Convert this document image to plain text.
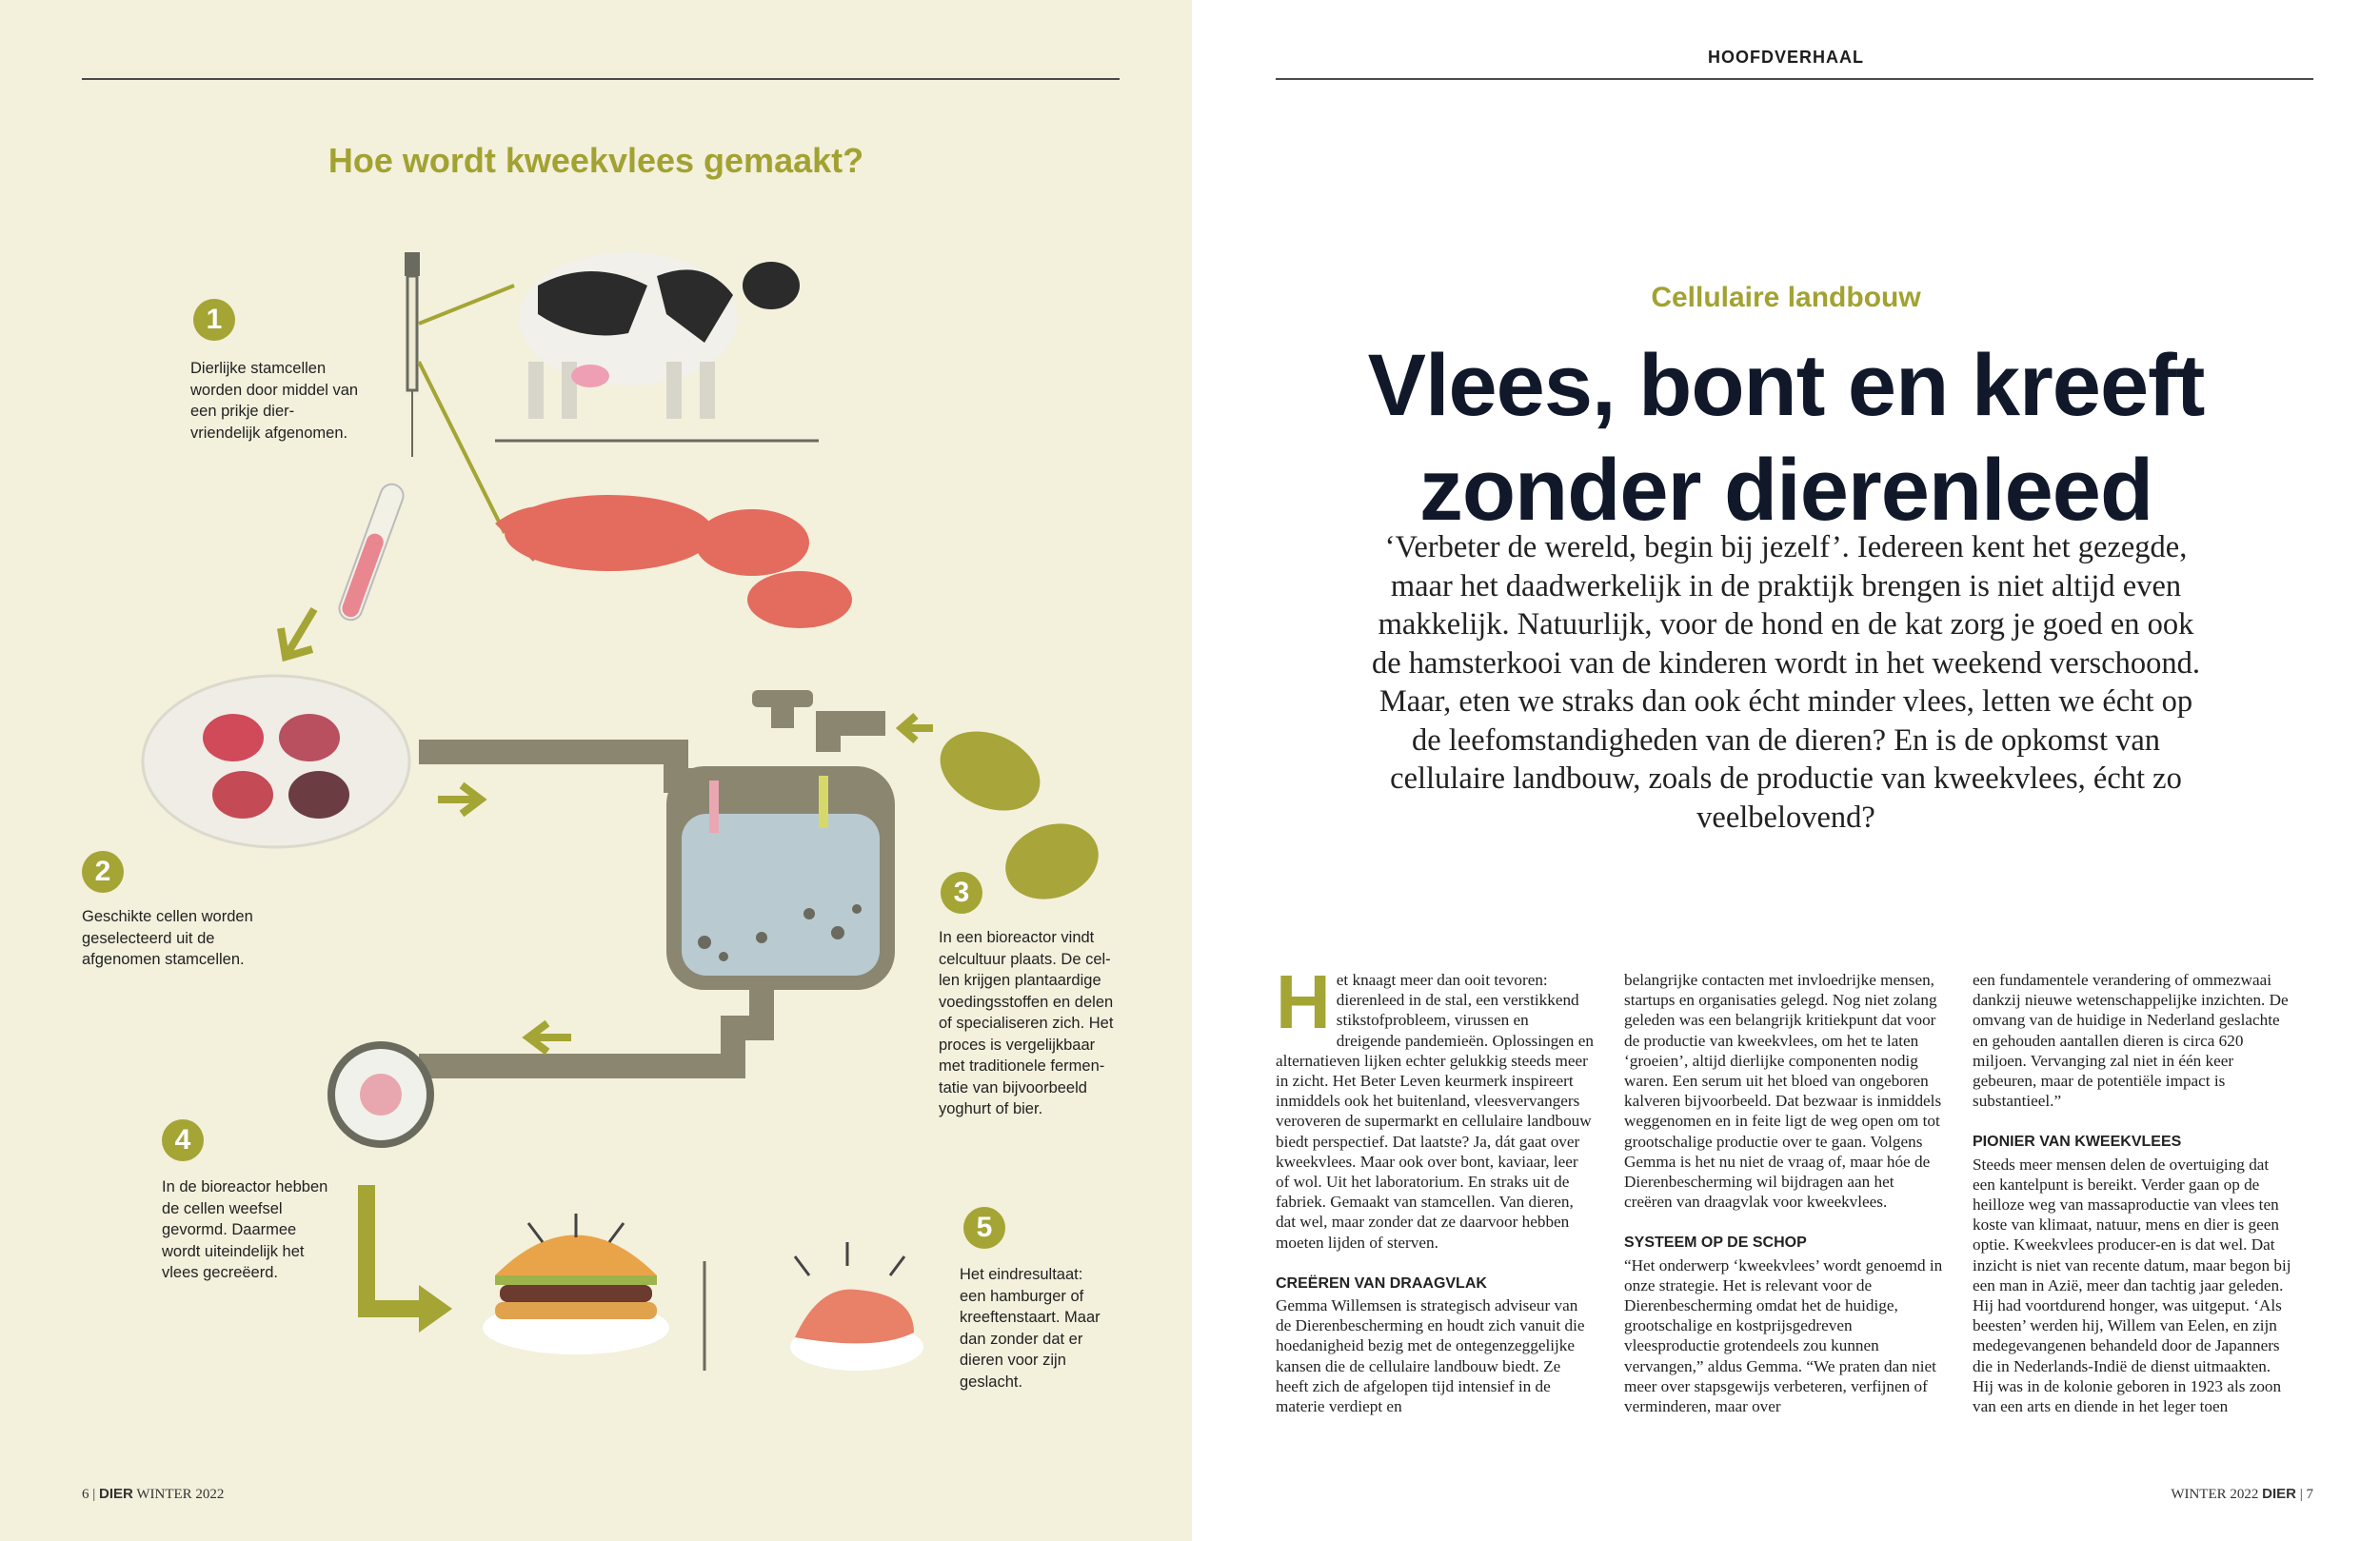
Hoe wordt kweekvlees gemaakt?
1
Dierlijke stamcellen worden door middel van een prikje dier-vriendelijk afgenomen.
2
Geschikte cellen worden geselecteerd uit de afgenomen stamcellen.
3
In een bioreactor vindt celcultuur plaats. De cel-len krijgen plantaardige voedingsstoffen en delen of specialiseren zich. Het proces is vergelijkbaar met traditionele fermen-tatie van bijvoorbeeld yoghurt of bier.
4
In de bioreactor hebben de cellen weefsel gevormd. Daarmee wordt uiteindelijk het vlees gecreëerd.
5
Het eindresultaat: een hamburger of kreeftenstaart. Maar dan zonder dat er dieren voor zijn geslacht.
6 | DIER WINTER 2022
HOOFDVERHAAL
Cellulaire landbouw
Vlees, bont en kreeft
zonder dierenleed
‘Verbeter de wereld, begin bij jezelf’. Iedereen kent het gezegde, maar het daadwerkelijk in de praktijk brengen is niet altijd even makkelijk. Natuurlijk, voor de hond en de kat zorg je goed en ook de hamsterkooi van de kinderen wordt in het weekend verschoond. Maar, eten we straks dan ook écht minder vlees, letten we écht op de leefomstandigheden van de dieren? En is de opkomst van cellulaire landbouw, zoals de productie van kweekvlees, écht zo veelbelovend?

Het knaagt meer dan ooit tevoren: dierenleed in de stal, een verstikkend stikstofprobleem, virussen en dreigende pandemieën. Oplossingen en alternatieven lijken echter gelukkig steeds meer in zicht. Het Beter Leven keurmerk inspireert inmiddels ook het buitenland, vleesvervangers veroveren de supermarkt en cellulaire landbouw biedt perspectief. Dat laatste? Ja, dát gaat over kweekvlees. Maar ook over bont, kaviaar, leer of wol. Uit het laboratorium. En straks uit de fabriek. Gemaakt van stamcellen. Van dieren, dat wel, maar zonder dat ze daarvoor hebben moeten lijden of sterven.

CREËREN VAN DRAAGVLAK

Gemma Willemsen is strategisch adviseur van de Dierenbescherming en houdt zich vanuit die hoedanigheid bezig met de ontegenzeggelijke kansen die de cellulaire landbouw biedt. Ze heeft zich de afgelopen tijd intensief in de materie verdiept en

belangrijke contacten met invloedrijke mensen, startups en organisaties gelegd. Nog niet zolang geleden was een belangrijk kritiekpunt dat voor de productie van kweekvlees, om het te laten ‘groeien’, altijd dierlijke componenten nodig waren. Een serum uit het bloed van ongeboren kalveren bijvoorbeeld. Dat bezwaar is inmiddels weggenomen en in feite ligt de weg open om tot grootschalige productie over te gaan. Volgens Gemma is het nu niet de vraag of, maar hóe de Dierenbescherming wil bijdragen aan het creëren van draagvlak voor kweekvlees.

SYSTEEM OP DE SCHOP

“Het onderwerp ‘kweekvlees’ wordt genoemd in onze strategie. Het is relevant voor de Dierenbescherming omdat het de huidige, grootschalige en kostprijsgedreven vleesproductie grotendeels zou kunnen vervangen,” aldus Gemma. “We praten dan niet meer over stapsgewijs verbeteren, verfijnen of verminderen, maar over

een fundamentele verandering of ommezwaai dankzij nieuwe wetenschappelijke inzichten. De omvang van de huidige in Nederland geslachte en gehouden aantallen dieren is circa 620 miljoen. Vervanging zal niet in één keer gebeuren, maar de potentiële impact is substantieel.”

PIONIER VAN KWEEKVLEES

Steeds meer mensen delen de overtuiging dat een kantelpunt is bereikt. Verder gaan op de heilloze weg van massaproductie van vlees ten koste van klimaat, natuur, mens en dier is geen optie. Kweekvlees producer-en is dat wel. Dat inzicht is niet van recente datum, maar begon bij een man in Azië, meer dan tachtig jaar geleden. Hij had voortdurend honger, was uitgeput. ‘Als beesten’ werden hij, Willem van Eelen, en zijn medegevangenen behandeld door de Japanners die in Nederlands-Indië de dienst uitmaakten. Hij was in de kolonie geboren in 1923 als zoon van een arts en diende in het leger toen

WINTER 2022 DIER | 7
